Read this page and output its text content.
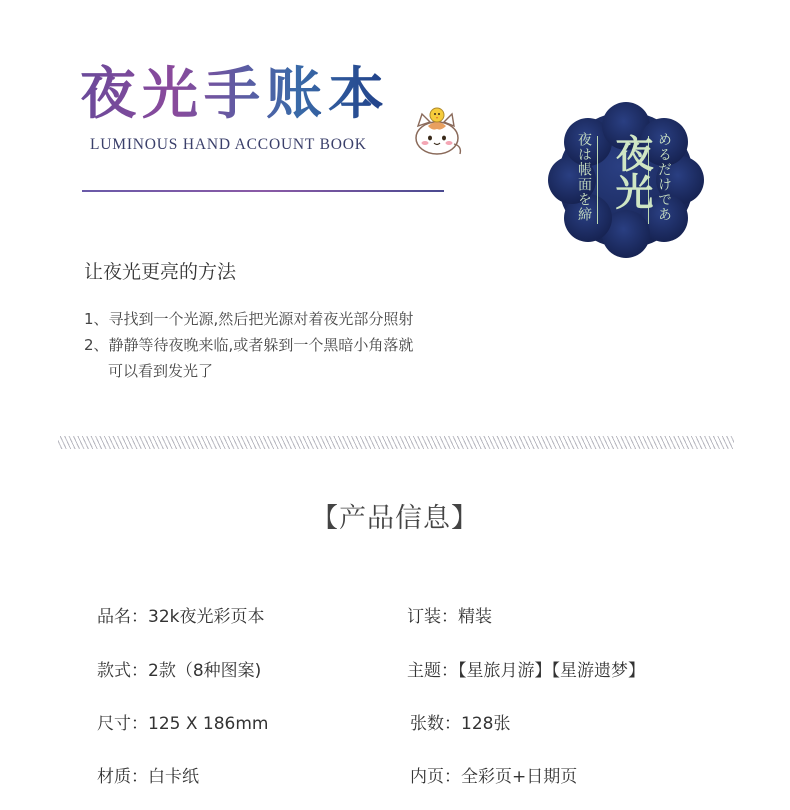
夜光手账本
LUMINOUS HAND ACCOUNT BOOK	めるだけであ
夜光
夜は帳面を締
让夜光更亮的方法
1、寻找到一个光源,然后把光源对着夜光部分照射
2、静静等待夜晚来临,或者躲到一个黑暗小角落就
可以看到发光了
【产品信息】
品名：32k夜光彩页本	订装：精装
款式：2款（8种图案)	主题：【星旅月游】【星游遗梦】
尺寸：125 X 186mm	张数：128张
材质：白卡纸	内页：全彩页+日期页
